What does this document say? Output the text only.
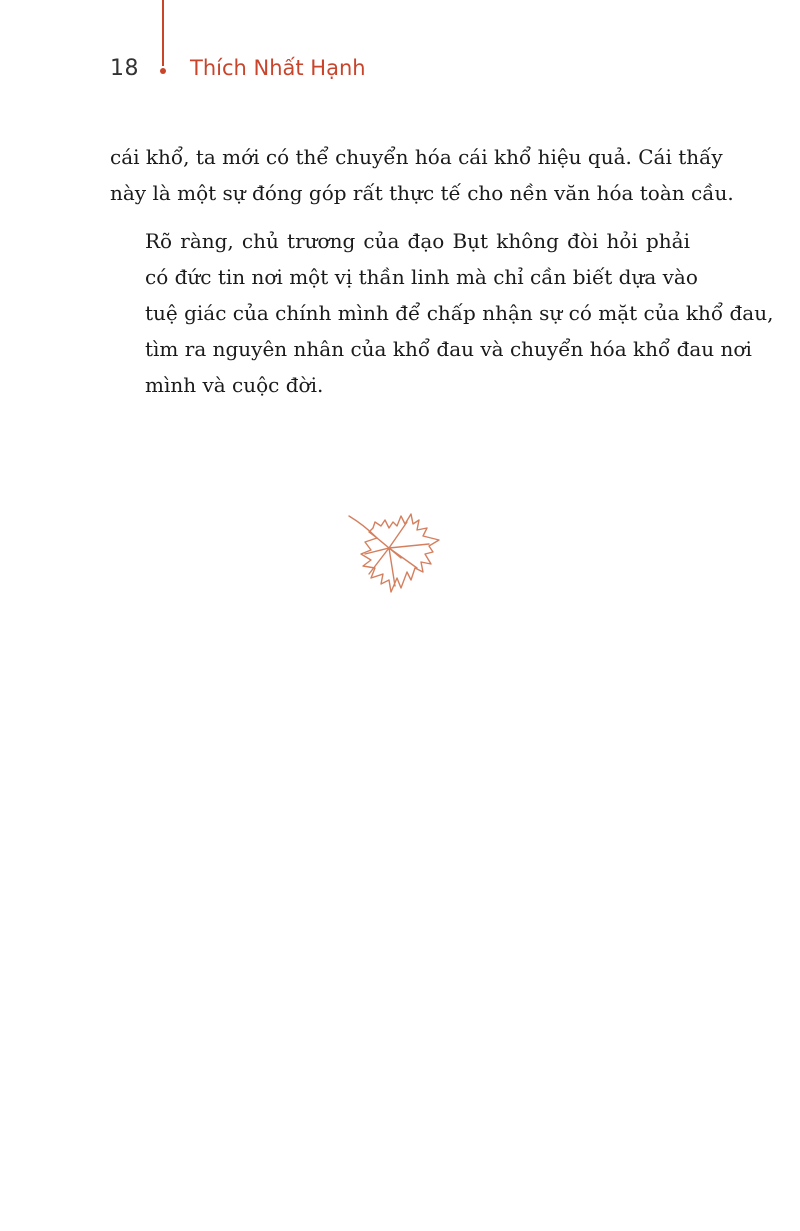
18 Thích Nhất Hạnh
cái khổ, ta mới có thể chuyển hóa cái khổ hiệu quả. Cái thấy
này là một sự đóng góp rất thực tế cho nền văn hóa toàn cầu.
Rõ ràng, chủ trương của đạo Bụt không đòi hỏi phải
có đức tin nơi một vị thần linh mà chỉ cần biết dựa vào
tuệ giác của chính mình để chấp nhận sự có mặt của khổ đau,
tìm ra nguyên nhân của khổ đau và chuyển hóa khổ đau nơi
mình và cuộc đời.
